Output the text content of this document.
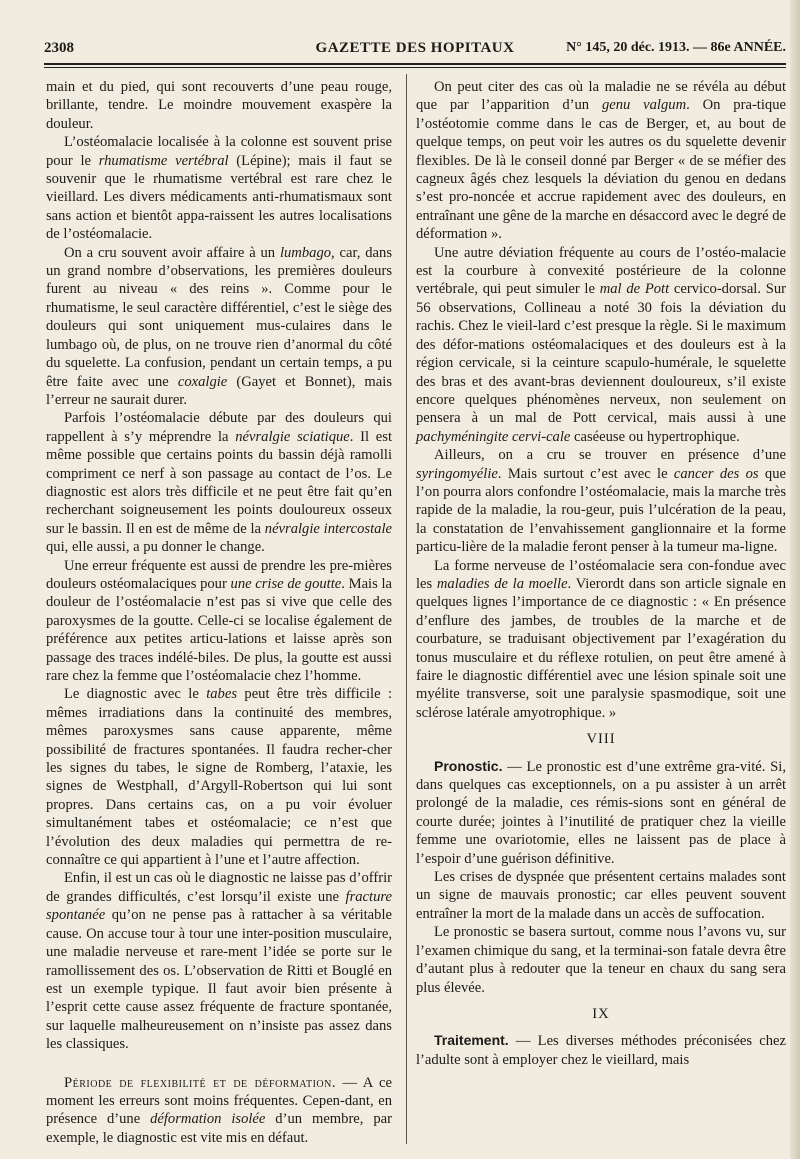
2308	GAZETTE DES HOPITAUX	N° 145, 20 déc. 1913. — 86e ANNÉE.

main et du pied, qui sont recouverts d’une peau rouge, brillante, tendre. Le moindre mouvement exaspère la douleur.

L’ostéomalacie localisée à la colonne est souvent prise pour le rhumatisme vertébral (Lépine); mais il faut se souvenir que le rhumatisme vertébral est rare chez le vieillard. Les divers médicaments anti-rhumatismaux sont sans action et bientôt appa-raissent les autres localisations de l’ostéomalacie.

On a cru souvent avoir affaire à un lumbago, car, dans un grand nombre d’observations, les premières douleurs furent au niveau « des reins ». Comme pour le rhumatisme, le seul caractère différentiel, c’est le siège des douleurs qui sont uniquement mus-culaires dans le lumbago où, de plus, on ne trouve rien d’anormal du côté du squelette. La confusion, pendant un certain temps, a pu être faite avec une coxalgie (Gayet et Bonnet), mais l’erreur ne saurait durer.

Parfois l’ostéomalacie débute par des douleurs qui rappellent à s’y méprendre la névralgie sciatique. Il est même possible que certains points du bassin déjà ramolli compriment ce nerf à son passage au contact de l’os. Le diagnostic est alors très difficile et ne peut être fait qu’en recherchant soigneusement les points douloureux osseux sur le bassin. Il en est de même de la névralgie intercostale qui, elle aussi, a pu donner le change.

Une erreur fréquente est aussi de prendre les pre-mières douleurs ostéomalaciques pour une crise de goutte. Mais la douleur de l’ostéomalacie n’est pas si vive que celle des paroxysmes de la goutte. Celle-ci se localise également de préférence aux petites articu-lations et laisse après son passage des traces indélé-biles. De plus, la goutte est aussi rare chez la femme que l’ostéomalacie chez l’homme.

Le diagnostic avec le tabes peut être très difficile : mêmes irradiations dans la continuité des membres, mêmes paroxysmes sans cause apparente, même possibilité de fractures spontanées. Il faudra recher-cher les signes du tabes, le signe de Romberg, l’ataxie, les signes de Westphall, d’Argyll-Robertson qui lui sont propres. Dans certains cas, on a pu voir évoluer simultanément tabes et ostéomalacie; ce n’est que l’évolution des deux maladies qui permettra de re-connaître ce qui appartient à l’une et l’autre affection.

Enfin, il est un cas où le diagnostic ne laisse pas d’offrir de grandes difficultés, c’est lorsqu’il existe une fracture spontanée qu’on ne pense pas à rattacher à sa véritable cause. On accuse tour à tour une inter-position musculaire, une maladie nerveuse et rare-ment l’idée se porte sur le ramollissement des os. L’observation de Ritti et Bouglé en est un exemple typique. Il faut avoir bien présente à l’esprit cette cause assez fréquente de fracture spontanée, sur laquelle malheureusement on n’insiste pas assez dans les classiques.

Période de flexibilité et de déformation. — A ce moment les erreurs sont moins fréquentes. Cepen-dant, en présence d’une déformation isolée d’un membre, par exemple, le diagnostic est vite mis en défaut.

On peut citer des cas où la maladie ne se révéla au début que par l’apparition d’un genu valgum. On pra-tique l’ostéotomie comme dans le cas de Berger, et, au bout de quelque temps, on peut voir les autres os du squelette devenir flexibles. De là le conseil donné par Berger « de se méfier des cagneux âgés chez lesquels la déviation du genou en dedans s’est pro-noncée et accrue rapidement avec des douleurs, en entraînant une gêne de la marche en désaccord avec le degré de déformation ».

Une autre déviation fréquente au cours de l’ostéo-malacie est la courbure à convexité postérieure de la colonne vertébrale, qui peut simuler le mal de Pott cervico-dorsal. Sur 56 observations, Collineau a noté 30 fois la déviation du rachis. Chez le vieil-lard c’est presque la règle. Si le maximum des défor-mations ostéomalaciques et des douleurs est à la région cervicale, si la ceinture scapulo-humérale, le squelette des bras et des avant-bras deviennent douloureux, s’il existe encore quelques phénomènes nerveux, non seulement on pensera à un mal de Pott cervical, mais aussi à une pachyméningite cervi-cale caséeuse ou hypertrophique.

Ailleurs, on a cru se trouver en présence d’une syringomyélie. Mais surtout c’est avec le cancer des os que l’on pourra alors confondre l’ostéomalacie, mais la marche très rapide de la maladie, la rou-geur, puis l’ulcération de la peau, la constatation de l’envahissement ganglionnaire et la forme particu-lière de la maladie feront penser à la tumeur ma-ligne.

La forme nerveuse de l’ostéomalacie sera con-fondue avec les maladies de la moelle. Vierordt dans son article signale en quelques lignes l’importance de ce diagnostic : « En présence d’enflure des jambes, de troubles de la marche et de courbature, se traduisant objectivement par l’exagération du tonus musculaire et du réflexe rotulien, on peut être amené à faire le diagnostic différentiel avec une lésion spinale soit une myélite transverse, soit une paralysie spasmodique, soit une sclérose latérale amyotrophique. »

VIII

Pronostic. — Le pronostic est d’une extrême gra-vité. Si, dans quelques cas exceptionnels, on a pu assister à un arrêt prolongé de la maladie, ces rémis-sions sont en général de courte durée; jointes à l’inutilité de pratiquer chez la vieille femme une ovariotomie, elles ne laissent pas de place à l’espoir d’une guérison définitive.

Les crises de dyspnée que présentent certains malades sont un signe de mauvais pronostic; car elles peuvent souvent entraîner la mort de la malade dans un accès de suffocation.

Le pronostic se basera surtout, comme nous l’avons vu, sur l’examen chimique du sang, et la terminai-son fatale devra être d’autant plus à redouter que la teneur en chaux du sang sera plus élevée.

IX

Traitement. — Les diverses méthodes préconisées chez l’adulte sont à employer chez le vieillard, mais
